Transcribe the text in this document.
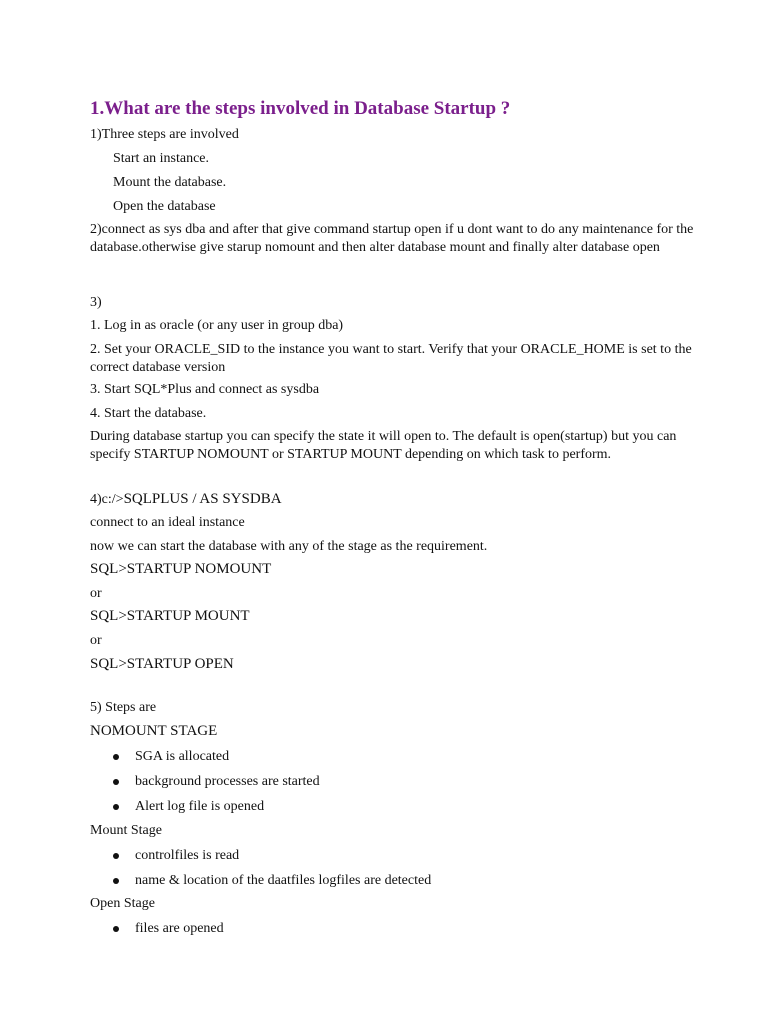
1.What are the steps involved in Database Startup ?
1)Three steps are involved
Start an instance.
Mount the database.
Open the database
2)connect as sys dba and after that give command startup open if u dont want to do any maintenance for the database.otherwise give starup nomount and then alter database mount and finally alter database open
3)
1. Log in as oracle (or any user in group dba)
2. Set your ORACLE_SID to the instance you want to start. Verify that your ORACLE_HOME is set to the correct database version
3. Start SQL*Plus and connect as sysdba
4. Start the database.
During database startup you can specify the state it will open to. The default is open(startup) but you can specify STARTUP NOMOUNT or STARTUP MOUNT depending on which task to perform.
4)c:/>SQLPLUS / AS SYSDBA
connect to an ideal instance
now we can start the database with any of the stage as the requirement.
SQL>STARTUP NOMOUNT
or
SQL>STARTUP MOUNT
or
SQL>STARTUP OPEN
5) Steps are
NOMOUNT STAGE
SGA is allocated
background processes are started
Alert log file is opened
Mount Stage
controlfiles is read
name & location of the daatfiles logfiles are detected
Open Stage
files are opened
